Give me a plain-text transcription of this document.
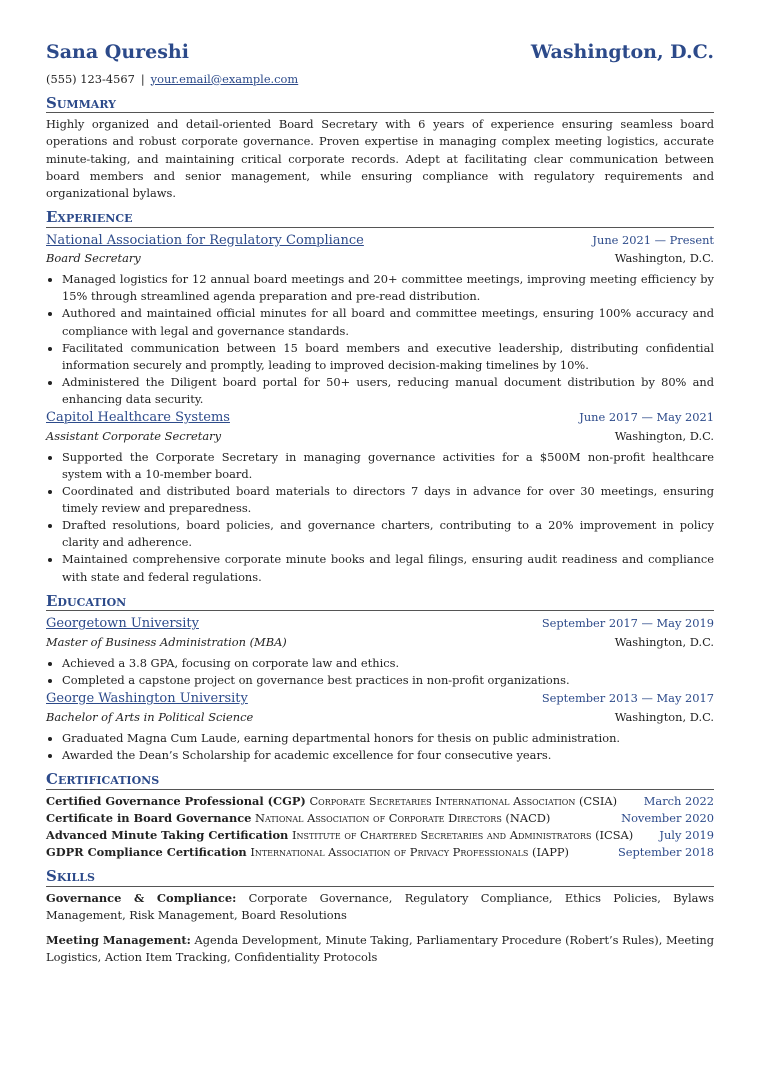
Sana Qureshi	Washington, D.C.
(555) 123-4567 | your.email@example.com
Summary

Highly organized and detail-oriented Board Secretary with 6 years of experience ensuring seamless board operations and robust corporate governance. Proven expertise in managing complex meeting logistics, accurate minute-taking, and maintaining critical corporate records. Adept at facilitating clear communication between board members and senior management, while ensuring compliance with regulatory requirements and organizational bylaws.

Experience
National Association for Regulatory Compliance	June 2021 — Present
Board Secretary	Washington, D.C.
• Managed logistics for 12 annual board meetings and 20+ committee meetings, improving meeting efficiency by 15% through streamlined agenda preparation and pre-read distribution.
• Authored and maintained official minutes for all board and committee meetings, ensuring 100% accuracy and compliance with legal and governance standards.
• Facilitated communication between 15 board members and executive leadership, distributing confidential information securely and promptly, leading to improved decision-making timelines by 10%.
• Administered the Diligent board portal for 50+ users, reducing manual document distribution by 80% and enhancing data security.
Capitol Healthcare Systems	June 2017 — May 2021
Assistant Corporate Secretary	Washington, D.C.
• Supported the Corporate Secretary in managing governance activities for a $500M non-profit healthcare system with a 10-member board.
• Coordinated and distributed board materials to directors 7 days in advance for over 30 meetings, ensuring timely review and preparedness.
• Drafted resolutions, board policies, and governance charters, contributing to a 20% improvement in policy clarity and adherence.
• Maintained comprehensive corporate minute books and legal filings, ensuring audit readiness and compliance with state and federal regulations.
Education
Georgetown University	September 2017 — May 2019
Master of Business Administration (MBA)	Washington, D.C.
• Achieved a 3.8 GPA, focusing on corporate law and ethics.
• Completed a capstone project on governance best practices in non-profit organizations.
George Washington University	September 2013 — May 2017
Bachelor of Arts in Political Science	Washington, D.C.
• Graduated Magna Cum Laude, earning departmental honors for thesis on public administration.
• Awarded the Dean’s Scholarship for academic excellence for four consecutive years.
Certifications
Certified Governance Professional (CGP) Corporate Secretaries International Association (CSIA)	March 2022
Certificate in Board Governance National Association of Corporate Directors (NACD)	November 2020
Advanced Minute Taking Certification Institute of Chartered Secretaries and Administrators (ICSA)	July 2019
GDPR Compliance Certification International Association of Privacy Professionals (IAPP)	September 2018
Skills
Governance & Compliance: Corporate Governance, Regulatory Compliance, Ethics Policies, Bylaws Management, Risk Management, Board Resolutions
Meeting Management: Agenda Development, Minute Taking, Parliamentary Procedure (Robert’s Rules), Meeting Logistics, Action Item Tracking, Confidentiality Protocols
